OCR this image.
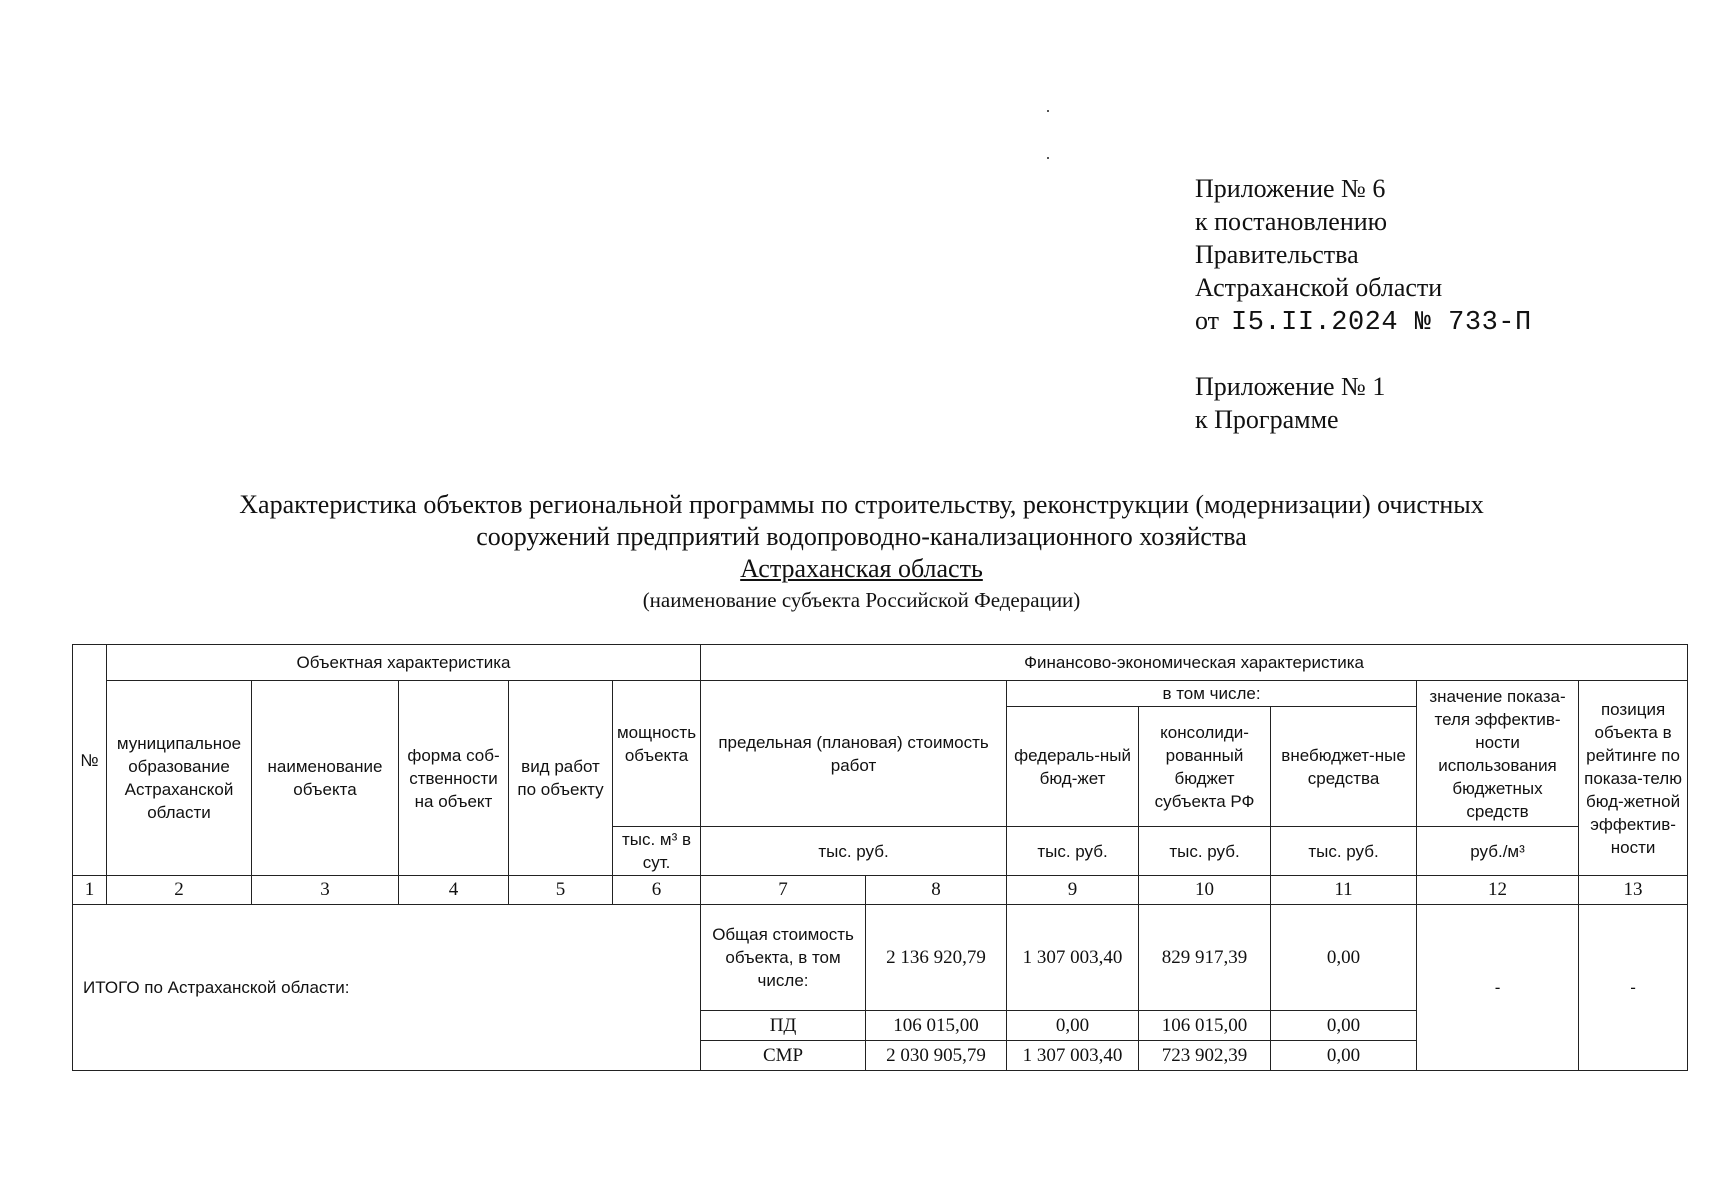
Приложение № 6
к постановлению
Правительства
Астраханской области
от I5.II.2024 № 733-П
Приложение № 1
к Программе
Характеристика объектов региональной программы по строительству, реконструкции (модернизации) очистных
сооружений предприятий водопроводно-канализационного хозяйства
Астраханская область
(наименование субъекта Российской Федерации)
№	Объектная характеристика					Финансово-экономическая характеристика						
	муниципальное образование Астраханской области	наименование объекта	форма соб-ственности на объект	вид работ по объекту	мощность объекта	предельная (плановая) стоимость работ		в том числе:			значение показа-теля эффектив-ности использования бюджетных средств	позиция объекта в рейтинге по показа-телю бюд-жетной эффектив-ности
								федераль-ный бюд-жет	консолиди-рованный бюджет субъекта РФ	внебюджет-ные средства		
					тыс. м³ в сут.	тыс. руб.		тыс. руб.	тыс. руб.	тыс. руб.	руб./м³	
1	2	3	4	5	6	7	8	9	10	11	12	13
ИТОГО по Астраханской области:						Общая стоимость объекта, в том числе:	2 136 920,79	1 307 003,40	829 917,39	0,00	-	-
						ПД	106 015,00	0,00	106 015,00	0,00		
						СМР	2 030 905,79	1 307 003,40	723 902,39	0,00		
